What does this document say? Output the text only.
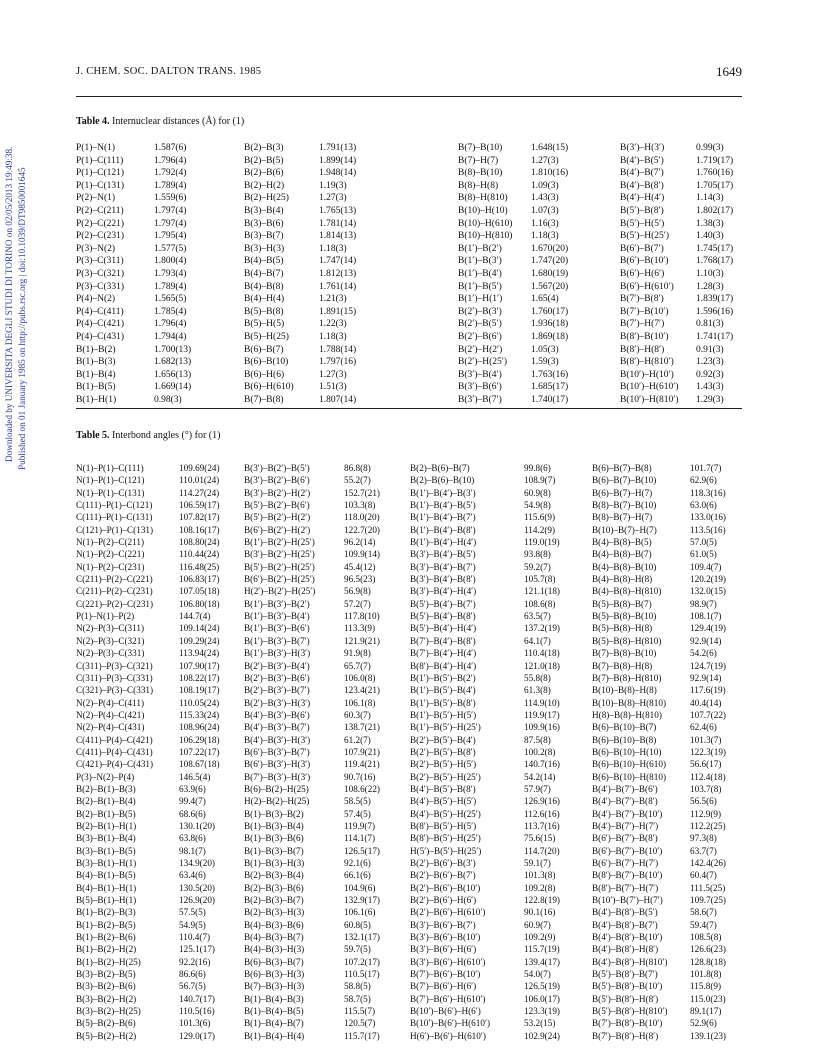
J. CHEM. SOC. DALTON TRANS. 1985	1649
Downloaded by UNIVERSITA DEGLI STUDI DI TORINO on 02/05/2013 19:49:38. Published on 01 January 1985 on http://pubs.rsc.org | doi:10.1039/DT9850001645
Table 4. Internuclear distances (Å) for (1)
P(1)–N(1)	1.587(6)
P(1)–C(111)	1.796(4)
P(1)–C(121)	1.792(4)
P(1)–C(131)	1.789(4)
P(2)–N(1)	1.559(6)
P(2)–C(211)	1.797(4)
P(2)–C(221)	1.797(4)
P(2)–C(231)	1.795(4)
P(3)–N(2)	1.577(5)
P(3)–C(311)	1.800(4)
P(3)–C(321)	1.793(4)
P(3)–C(331)	1.789(4)
P(4)–N(2)	1.565(5)
P(4)–C(411)	1.785(4)
P(4)–C(421)	1.796(4)
P(4)–C(431)	1.794(4)
B(1)–B(2)	1.700(13)
B(1)–B(3)	1.682(13)
B(1)–B(4)	1.656(13)
B(1)–B(5)	1.669(14)
B(1)–H(1)	0.98(3)
B(2)–B(3)	1.791(13)
B(2)–B(5)	1.899(14)
B(2)–B(6)	1.948(14)
B(2)–H(2)	1.19(3)
B(2)–H(25)	1.27(3)
B(3)–B(4)	1.765(13)
B(3)–B(6)	1.781(14)
B(3)–B(7)	1.814(13)
B(3)–H(3)	1.18(3)
B(4)–B(5)	1.747(14)
B(4)–B(7)	1.812(13)
B(4)–B(8)	1.761(14)
B(4)–H(4)	1.21(3)
B(5)–B(8)	1.891(15)
B(5)–H(5)	1.22(3)
B(5)–H(25)	1.18(3)
B(6)–B(7)	1.788(14)
B(6)–B(10)	1.797(16)
B(6)–H(6)	1.27(3)
B(6)–H(610)	1.51(3)
B(7)–B(8)	1.807(14)
B(7)–B(10)	1.648(15)
B(7)–H(7)	1.27(3)
B(8)–B(10)	1.810(16)
B(8)–H(8)	1.09(3)
B(8)–H(810)	1.43(3)
B(10)–H(10)	1.07(3)
B(10)–H(610)	1.16(3)
B(10)–H(810)	1.18(3)
B(1′)–B(2′)	1.670(20)
B(1′)–B(3′)	1.747(20)
B(1′)–B(4′)	1.680(19)
B(1′)–B(5′)	1.567(20)
B(1′)–H(1′)	1.65(4)
B(2′)–B(3′)	1.760(17)
B(2′)–B(5′)	1.936(18)
B(2′)–B(6′)	1.869(18)
B(2′)–H(2′)	1.05(3)
B(2′)–H(25′)	1.59(3)
B(3′)–B(4′)	1.763(16)
B(3′)–B(6′)	1.685(17)
B(3′)–B(7′)	1.740(17)
B(3′)–H(3′)	0.99(3)
B(4′)–B(5′)	1.719(17)
B(4′)–B(7′)	1.760(16)
B(4′)–B(8′)	1.705(17)
B(4′)–H(4′)	1.14(3)
B(5′)–B(8′)	1.802(17)
B(5′)–H(5′)	1.38(3)
B(5′)–H(25′)	1.40(3)
B(6′)–B(7′)	1.745(17)
B(6′)–B(10′)	1.768(17)
B(6′)–H(6′)	1.10(3)
B(6′)–H(610′)	1.28(3)
B(7′)–B(8′)	1.839(17)
B(7′)–B(10′)	1.596(16)
B(7′)–H(7′)	0.81(3)
B(8′)–B(10′)	1.741(17)
B(8′)–H(8′)	0.91(3)
B(8′)–H(810′)	1.23(3)
B(10′)–H(10′)	0.92(3)
B(10′)–H(610′)	1.43(3)
B(10′)–H(810′)	1.29(3)
Table 5. Interbond angles (°) for (1)
N(1)–P(1)–C(111)	109.69(24)
N(1)–P(1)–C(121)	110.01(24)
N(1)–P(1)–C(131)	114.27(24)
C(111)–P(1)–C(121)	106.59(17)
C(111)–P(1)–C(131)	107.82(17)
C(121)–P(1)–C(131)	108.16(17)
N(1)–P(2)–C(211)	108.80(24)
N(1)–P(2)–C(221)	110.44(24)
N(1)–P(2)–C(231)	116.48(25)
C(211)–P(2)–C(221)	106.83(17)
C(211)–P(2)–C(231)	107.05(18)
C(221)–P(2)–C(231)	106.80(18)
P(1)–N(1)–P(2)	144.7(4)
N(2)–P(3)–C(311)	109.14(24)
N(2)–P(3)–C(321)	109.29(24)
N(2)–P(3)–C(331)	113.94(24)
C(311)–P(3)–C(321)	107.90(17)
C(311)–P(3)–C(331)	108.22(17)
C(321)–P(3)–C(331)	108.19(17)
N(2)–P(4)–C(411)	110.05(24)
N(2)–P(4)–C(421)	115.33(24)
N(2)–P(4)–C(431)	108.96(24)
C(411)–P(4)–C(421)	106.29(18)
C(411)–P(4)–C(431)	107.22(17)
C(421)–P(4)–C(431)	108.67(18)
P(3)–N(2)–P(4)	146.5(4)
B(2)–B(1)–B(3)	63.9(6)
B(2)–B(1)–B(4)	99.4(7)
B(2)–B(1)–B(5)	68.6(6)
B(2)–B(1)–H(1)	130.1(20)
B(3)–B(1)–B(4)	63.8(6)
B(3)–B(1)–B(5)	98.1(7)
B(3)–B(1)–H(1)	134.9(20)
B(4)–B(1)–B(5)	63.4(6)
B(4)–B(1)–H(1)	130.5(20)
B(5)–B(1)–H(1)	126.9(20)
B(1)–B(2)–B(3)	57.5(5)
B(1)–B(2)–B(5)	54.9(5)
B(1)–B(2)–B(6)	110.4(7)
B(1)–B(2)–H(2)	125.1(17)
B(1)–B(2)–H(25)	92.2(16)
B(3)–B(2)–B(5)	86.6(6)
B(3)–B(2)–B(6)	56.7(5)
B(3)–B(2)–H(2)	140.7(17)
B(3)–B(2)–H(25)	110.5(16)
B(5)–B(2)–B(6)	101.3(6)
B(5)–B(2)–H(2)	129.0(17)
B(3′)–B(2′)–B(5′)	86.8(8)
B(3′)–B(2′)–B(6′)	55.2(7)
B(3′)–B(2′)–H(2′)	152.7(21)
B(5′)–B(2′)–B(6′)	103.3(8)
B(5′)–B(2′)–H(2′)	118.0(20)
B(6′)–B(2′)–H(2′)	122.7(20)
B(1′)–B(2′)–H(25′)	96.2(14)
B(3′)–B(2′)–H(25′)	109.9(14)
B(5′)–B(2′)–H(25′)	45.4(12)
B(6′)–B(2′)–H(25′)	96.5(23)
H(2′)–B(2′)–H(25′)	56.9(8)
B(1′)–B(3′)–B(2′)	57.2(7)
B(1′)–B(3′)–B(4′)	117.8(10)
B(1′)–B(3′)–B(6′)	113.3(9)
B(1′)–B(3′)–B(7′)	121.9(21)
B(1′)–B(3′)–H(3′)	91.9(8)
B(2′)–B(3′)–B(4′)	65.7(7)
B(2′)–B(3′)–B(6′)	106.0(8)
B(2′)–B(3′)–B(7′)	123.4(21)
B(2′)–B(3′)–H(3′)	106.1(8)
B(4′)–B(3′)–B(6′)	60.3(7)
B(4′)–B(3′)–B(7′)	138.7(21)
B(4′)–B(3′)–H(3′)	61.2(7)
B(6′)–B(3′)–B(7′)	107.9(21)
B(6′)–B(3′)–H(3′)	119.4(21)
B(7′)–B(3′)–H(3′)	90.7(16)
B(6)–B(2)–H(25)	108.6(22)
H(2)–B(2)–H(25)	58.5(5)
B(1)–B(3)–B(2)	57.4(5)
B(1)–B(3)–B(4)	119.9(7)
B(1)–B(3)–B(6)	114.1(7)
B(1)–B(3)–B(7)	126.5(17)
B(1)–B(3)–H(3)	92.1(6)
B(2)–B(3)–B(4)	66.1(6)
B(2)–B(3)–B(6)	104.9(6)
B(2)–B(3)–B(7)	132.9(17)
B(2)–B(3)–H(3)	106.1(6)
B(4)–B(3)–B(6)	60.8(5)
B(4)–B(3)–B(7)	132.1(17)
B(4)–B(3)–H(3)	59.7(5)
B(6)–B(3)–B(7)	107.2(17)
B(6)–B(3)–H(3)	110.5(17)
B(7)–B(3)–H(3)	58.8(5)
B(1)–B(4)–B(3)	58.7(5)
B(1)–B(4)–B(5)	115.5(7)
B(1)–B(4)–B(7)	120.5(7)
B(1)–B(4)–H(4)	115.7(17)
B(2)–B(6)–B(7)	99.8(6)
B(2)–B(6)–B(10)	108.9(7)
B(1′)–B(4′)–B(3′)	60.9(8)
B(1′)–B(4′)–B(5′)	54.9(8)
B(1′)–B(4′)–B(7′)	115.6(9)
B(1′)–B(4′)–B(8′)	114.2(9)
B(1′)–B(4′)–H(4′)	119.0(19)
B(3′)–B(4′)–B(5′)	93.8(8)
B(3′)–B(4′)–B(7′)	59.2(7)
B(3′)–B(4′)–B(8′)	105.7(8)
B(3′)–B(4′)–H(4′)	121.1(18)
B(5′)–B(4′)–B(7′)	108.6(8)
B(5′)–B(4′)–B(8′)	63.5(7)
B(5′)–B(4′)–H(4′)	137.2(19)
B(7′)–B(4′)–B(8′)	64.1(7)
B(7′)–B(4′)–H(4′)	110.4(18)
B(8′)–B(4′)–H(4′)	121.0(18)
B(1′)–B(5′)–B(2′)	55.8(8)
B(1′)–B(5′)–B(4′)	61.3(8)
B(1′)–B(5′)–B(8′)	114.9(10)
B(1′)–B(5′)–H(5′)	119.9(17)
B(1′)–B(5′)–H(25′)	109.9(16)
B(2′)–B(5′)–B(4′)	87.5(8)
B(2′)–B(5′)–B(8′)	100.2(8)
B(2′)–B(5′)–H(5′)	140.7(16)
B(2′)–B(5′)–H(25′)	54.2(14)
B(4′)–B(5′)–B(8′)	57.9(7)
B(4′)–B(5′)–H(5′)	126.9(16)
B(4′)–B(5′)–H(25′)	112.6(16)
B(8′)–B(5′)–H(5′)	113.7(16)
B(8′)–B(5′)–H(25′)	75.6(15)
H(5′)–B(5′)–H(25′)	114.7(20)
B(2′)–B(6′)–B(3′)	59.1(7)
B(2′)–B(6′)–B(7′)	101.3(8)
B(2′)–B(6′)–B(10′)	109.2(8)
B(2′)–B(6′)–H(6′)	122.8(19)
B(2′)–B(6′)–H(610′)	90.1(16)
B(3′)–B(6′)–B(7′)	60.9(7)
B(3′)–B(6′)–B(10′)	109.2(9)
B(3′)–B(6′)–H(6′)	115.7(19)
B(3′)–B(6′)–H(610′)	139.4(17)
B(7′)–B(6′)–B(10′)	54.0(7)
B(7′)–B(6′)–H(6′)	126.5(19)
B(7′)–B(6′)–H(610′)	106.0(17)
B(10′)–B(6′)–H(6′)	123.3(19)
B(10′)–B(6′)–H(610′)	53.2(15)
H(6′)–B(6′)–H(610′)	102.9(24)
B(6)–B(7)–B(8)	101.7(7)
B(6)–B(7)–B(10)	62.9(6)
B(6)–B(7)–H(7)	118.3(16)
B(8)–B(7)–B(10)	63.0(6)
B(8)–B(7)–H(7)	133.0(16)
B(10)–B(7)–H(7)	113.5(16)
B(4)–B(8)–B(5)	57.0(5)
B(4)–B(8)–B(7)	61.0(5)
B(4)–B(8)–B(10)	109.4(7)
B(4)–B(8)–H(8)	120.2(19)
B(4)–B(8)–H(810)	132.0(15)
B(5)–B(8)–B(7)	98.9(7)
B(5)–B(8)–B(10)	108.1(7)
B(5)–B(8)–H(8)	129.4(19)
B(5)–B(8)–H(810)	92.9(14)
B(7)–B(8)–B(10)	54.2(6)
B(7)–B(8)–H(8)	124.7(19)
B(7)–B(8)–H(810)	92.9(14)
B(10)–B(8)–H(8)	117.6(19)
B(10)–B(8)–H(810)	40.4(14)
H(8)–B(8)–H(810)	107.7(22)
B(6)–B(10)–B(7)	62.4(6)
B(6)–B(10)–B(8)	101.3(7)
B(6)–B(10)–H(10)	122.3(19)
B(6)–B(10)–H(610)	56.6(17)
B(6)–B(10)–H(810)	112.4(18)
B(4′)–B(7′)–B(6′)	103.7(8)
B(4′)–B(7′)–B(8′)	56.5(6)
B(4′)–B(7′)–B(10′)	112.9(9)
B(4′)–B(7′)–H(7′)	112.2(25)
B(6′)–B(7′)–B(8′)	97.3(8)
B(6′)–B(7′)–B(10′)	63.7(7)
B(6′)–B(7′)–H(7′)	142.4(26)
B(8′)–B(7′)–B(10′)	60.4(7)
B(8′)–B(7′)–H(7′)	111.5(25)
B(10′)–B(7′)–H(7′)	109.7(25)
B(4′)–B(8′)–B(5′)	58.6(7)
B(4′)–B(8′)–B(7′)	59.4(7)
B(4′)–B(8′)–B(10′)	108.5(8)
B(4′)–B(8′)–H(8′)	126.6(23)
B(4′)–B(8′)–H(810′)	128.8(18)
B(5′)–B(8′)–B(7′)	101.8(8)
B(5′)–B(8′)–B(10′)	115.8(9)
B(5′)–B(8′)–H(8′)	115.0(23)
B(5′)–B(8′)–H(810′)	89.1(17)
B(7′)–B(8′)–B(10′)	52.9(6)
B(7′)–B(8′)–H(8′)	139.1(23)
